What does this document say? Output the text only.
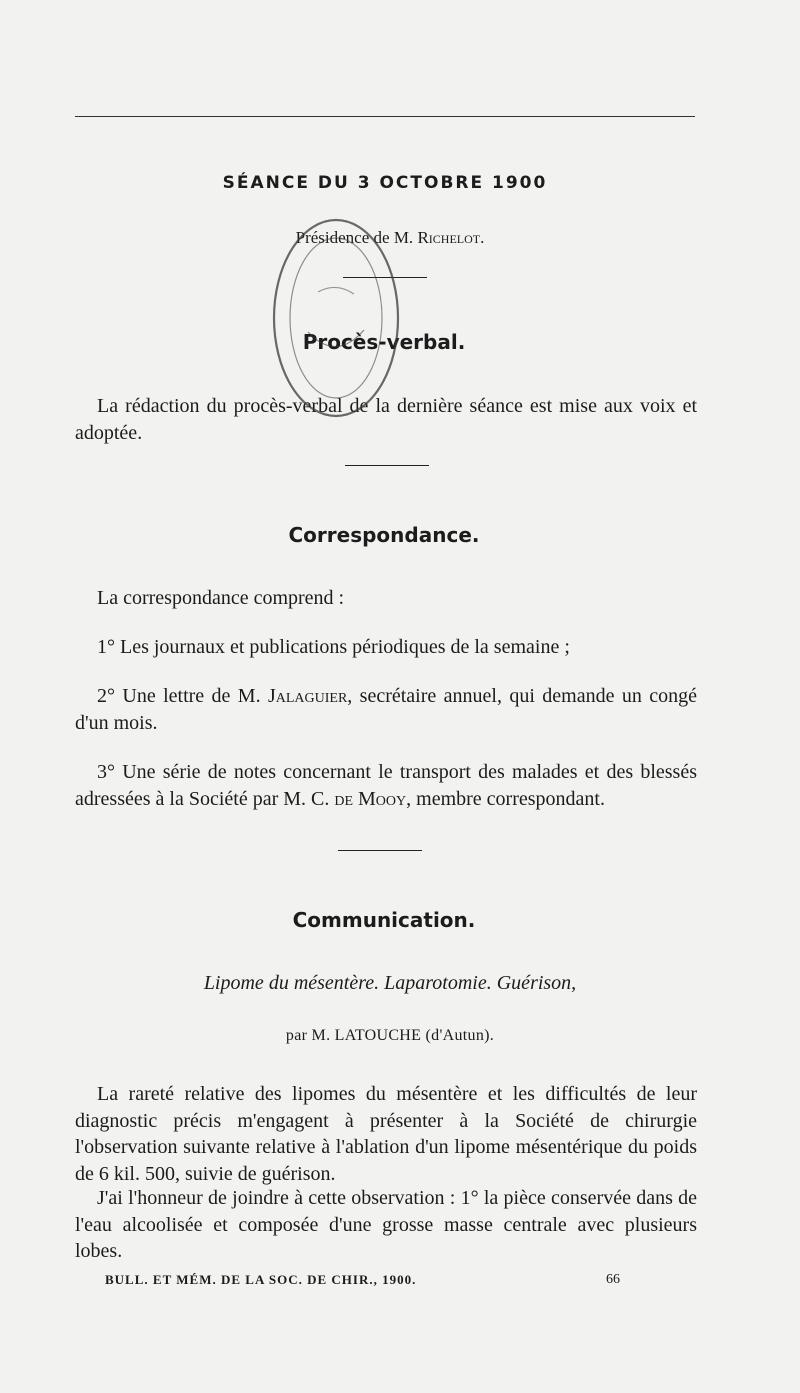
SÉANCE DU 3 OCTOBRE 1900
Présidence de M. Richelot.
Procès-verbal.
La rédaction du procès-verbal de la dernière séance est mise aux voix et adoptée.
Correspondance.
La correspondance comprend :
1° Les journaux et publications périodiques de la semaine ;
2° Une lettre de M. Jalaguier, secrétaire annuel, qui demande un congé d'un mois.
3° Une série de notes concernant le transport des malades et des blessés adressées à la Société par M. C. de Mooy, membre correspondant.
Communication.
Lipome du mésentère. Laparotomie. Guérison,
par M. LATOUCHE (d'Autun).
La rareté relative des lipomes du mésentère et les difficultés de leur diagnostic précis m'engagent à présenter à la Société de chirurgie l'observation suivante relative à l'ablation d'un lipome mésentérique du poids de 6 kil. 500, suivie de guérison.
J'ai l'honneur de joindre à cette observation : 1° la pièce conservée dans de l'eau alcoolisée et composée d'une grosse masse centrale avec plusieurs lobes.
BULL. ET MÉM. DE LA SOC. DE CHIR., 1900.	66
